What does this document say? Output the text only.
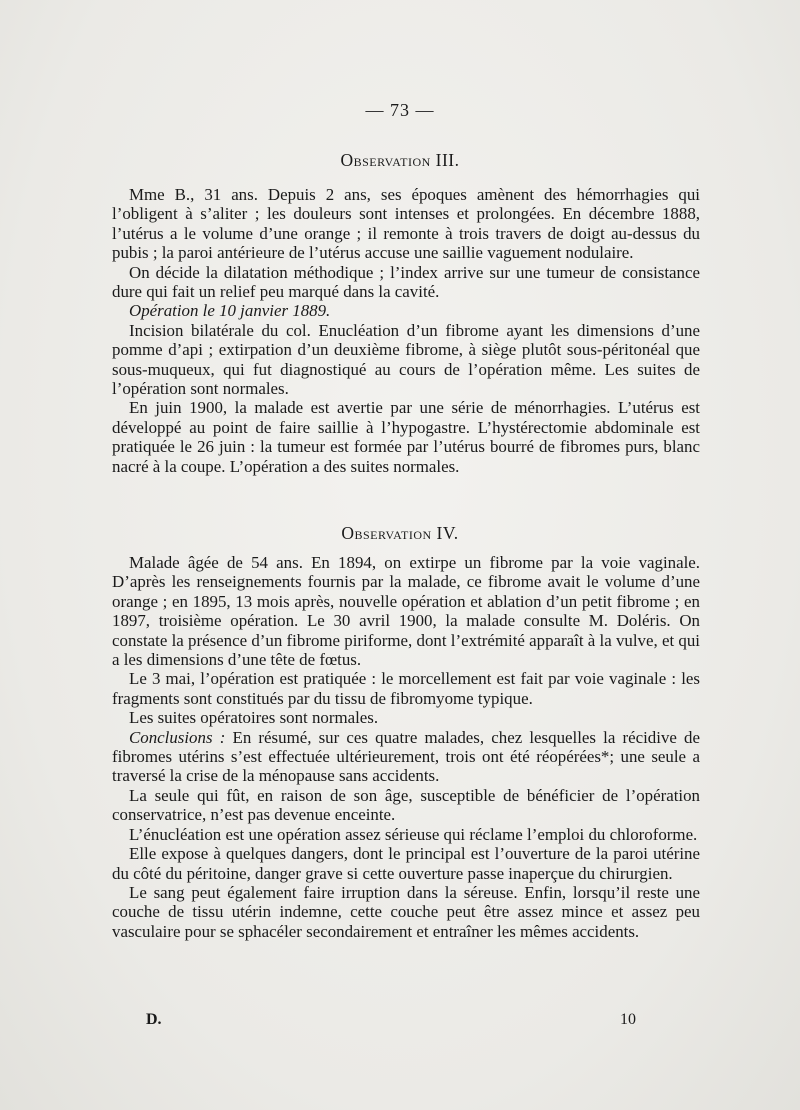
— 73 —
Observation III.

Mme B., 31 ans. Depuis 2 ans, ses époques amènent des hémorrhagies qui l’obligent à s’aliter ; les douleurs sont intenses et prolongées. En décembre 1888, l’utérus a le volume d’une orange ; il remonte à trois travers de doigt au-dessus du pubis ; la paroi antérieure de l’utérus accuse une saillie vaguement nodulaire.

On décide la dilatation méthodique ; l’index arrive sur une tumeur de consistance dure qui fait un relief peu marqué dans la cavité.

Opération le 10 janvier 1889.

Incision bilatérale du col. Enucléation d’un fibrome ayant les dimensions d’une pomme d’api ; extirpation d’un deuxième fibrome, à siège plutôt sous-péritonéal que sous-muqueux, qui fut diagnostiqué au cours de l’opération même. Les suites de l’opération sont normales.

En juin 1900, la malade est avertie par une série de ménorrhagies. L’utérus est développé au point de faire saillie à l’hypogastre. L’hystérectomie abdominale est pratiquée le 26 juin : la tumeur est formée par l’utérus bourré de fibromes purs, blanc nacré à la coupe. L’opération a des suites normales.

Observation IV.

Malade âgée de 54 ans. En 1894, on extirpe un fibrome par la voie vaginale. D’après les renseignements fournis par la malade, ce fibrome avait le volume d’une orange ; en 1895, 13 mois après, nouvelle opération et ablation d’un petit fibrome ; en 1897, troisième opération. Le 30 avril 1900, la malade consulte M. Doléris. On constate la présence d’un fibrome piriforme, dont l’extrémité apparaît à la vulve, et qui a les dimensions d’une tête de fœtus.

Le 3 mai, l’opération est pratiquée : le morcellement est fait par voie vaginale : les fragments sont constitués par du tissu de fibromyome typique.

Les suites opératoires sont normales.

Conclusions : En résumé, sur ces quatre malades, chez lesquelles la récidive de fibromes utérins s’est effectuée ultérieurement, trois ont été réopérées*; une seule a traversé la crise de la ménopause sans accidents.

La seule qui fût, en raison de son âge, susceptible de bénéficier de l’opération conservatrice, n’est pas devenue enceinte.

L’énucléation est une opération assez sérieuse qui réclame l’emploi du chloroforme.

Elle expose à quelques dangers, dont le principal est l’ouverture de la paroi utérine du côté du péritoine, danger grave si cette ouverture passe inaperçue du chirurgien.

Le sang peut également faire irruption dans la séreuse. Enfin, lorsqu’il reste une couche de tissu utérin indemne, cette couche peut être assez mince et assez peu vasculaire pour se sphacéler secondairement et entraîner les mêmes accidents.

D.	10
